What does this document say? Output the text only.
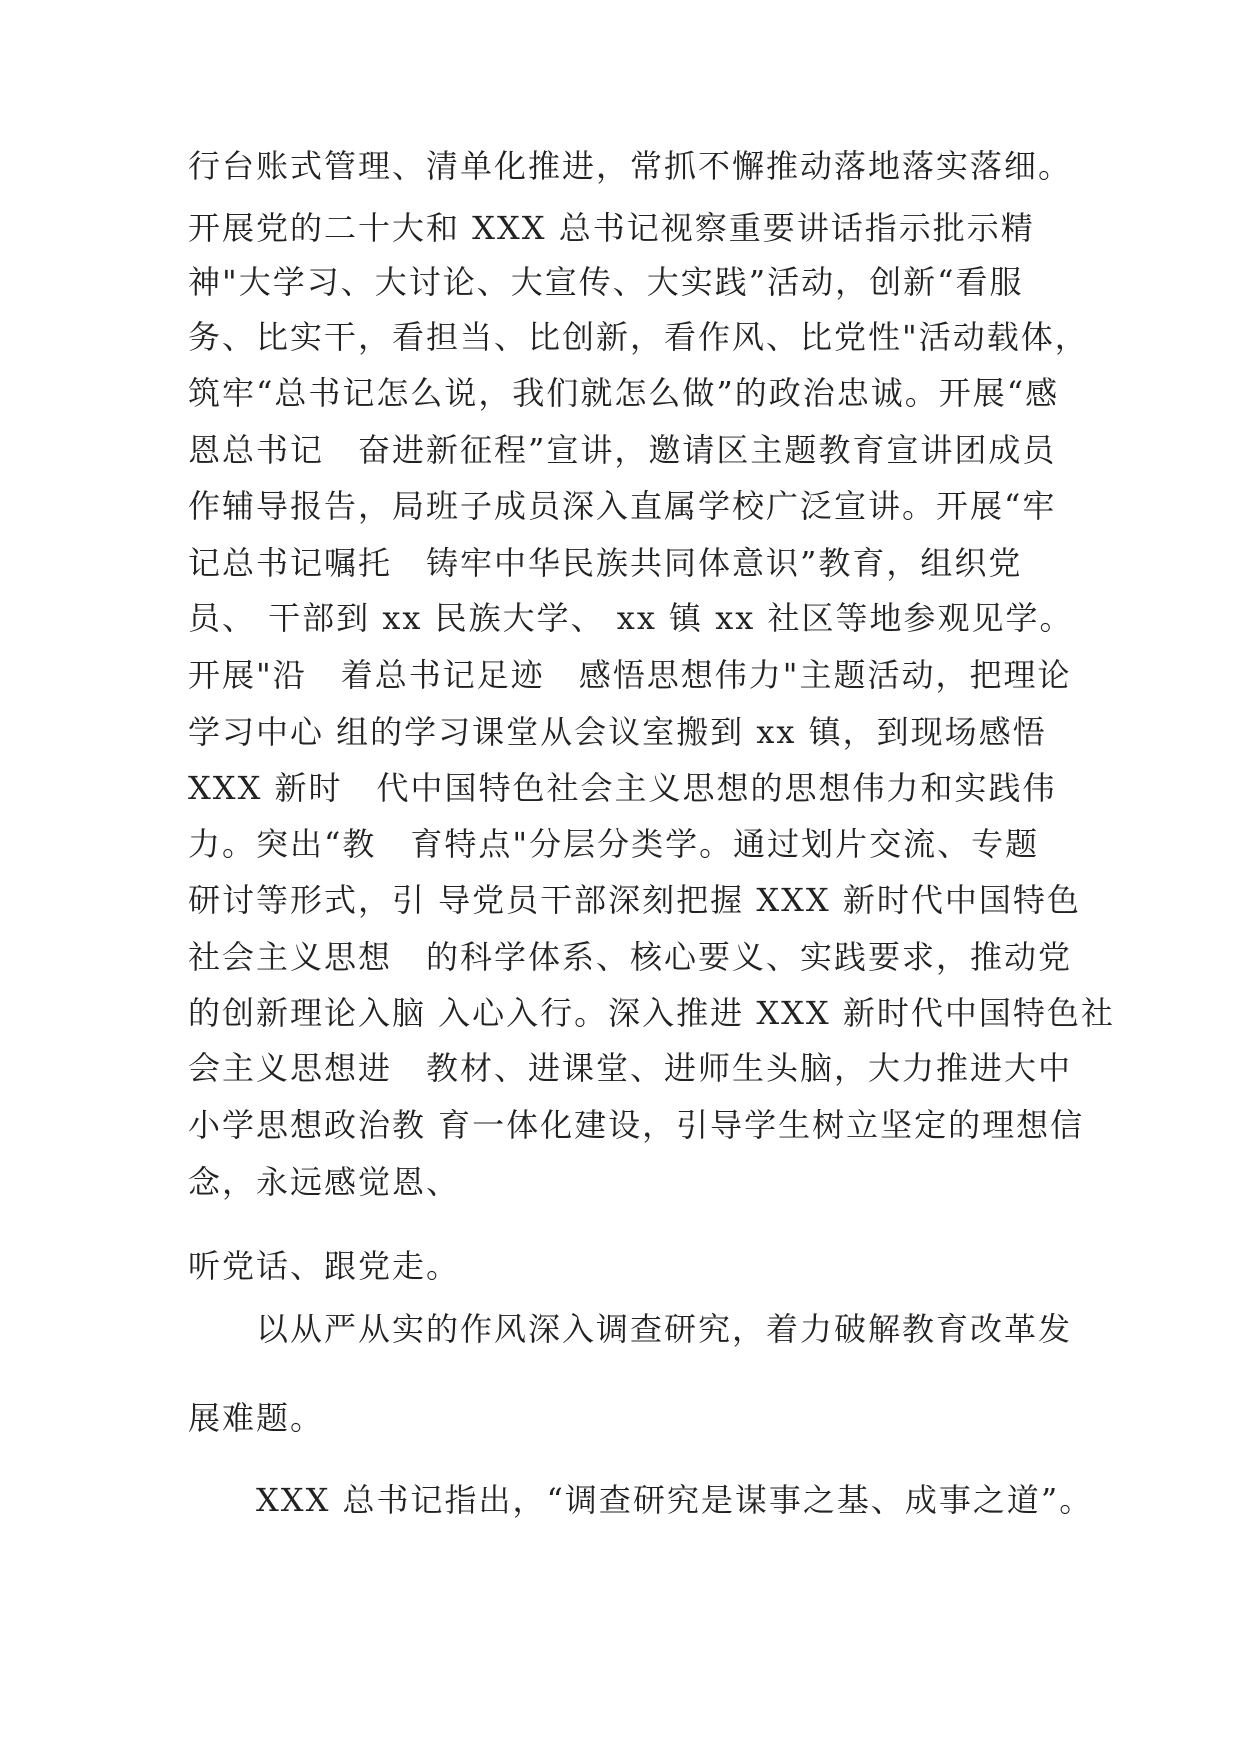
行台账式管理、清单化推进，常抓不懈推动落地落实落细。
开展党的二十大和 XXX 总书记视察重要讲话指示批示精
神"大学习、大讨论、大宣传、大实践”活动，创新“看服
务、比实干，看担当、比创新，看作风、比党性"活动载体，
筑牢“总书记怎么说，我们就怎么做”的政治忠诚。开展“感
恩总书记　奋进新征程”宣讲，邀请区主题教育宣讲团成员
作辅导报告，局班子成员深入直属学校广泛宣讲。开展“牢
记总书记嘱托　铸牢中华民族共同体意识”教育，组织党
员、 干部到 xx 民族大学、 xx 镇 xx 社区等地参观见学。
开展"沿　着总书记足迹　感悟思想伟力"主题活动，把理论
学习中心 组的学习课堂从会议室搬到 xx 镇，到现场感悟
XXX 新时　代中国特色社会主义思想的思想伟力和实践伟
力。突出“教　育特点"分层分类学。通过划片交流、专题
研讨等形式，引 导党员干部深刻把握 XXX 新时代中国特色
社会主义思想　的科学体系、核心要义、实践要求，推动党
的创新理论入脑 入心入行。深入推进 XXX 新时代中国特色社
会主义思想进　教材、进课堂、进师生头脑，大力推进大中
小学思想政治教 育一体化建设，引导学生树立坚定的理想信
念，永远感觉恩、
听党话、跟党走。
　　以从严从实的作风深入调查研究，着力破解教育改革发
展难题。
　　XXX 总书记指出，“调查研究是谋事之基、成事之道”。
